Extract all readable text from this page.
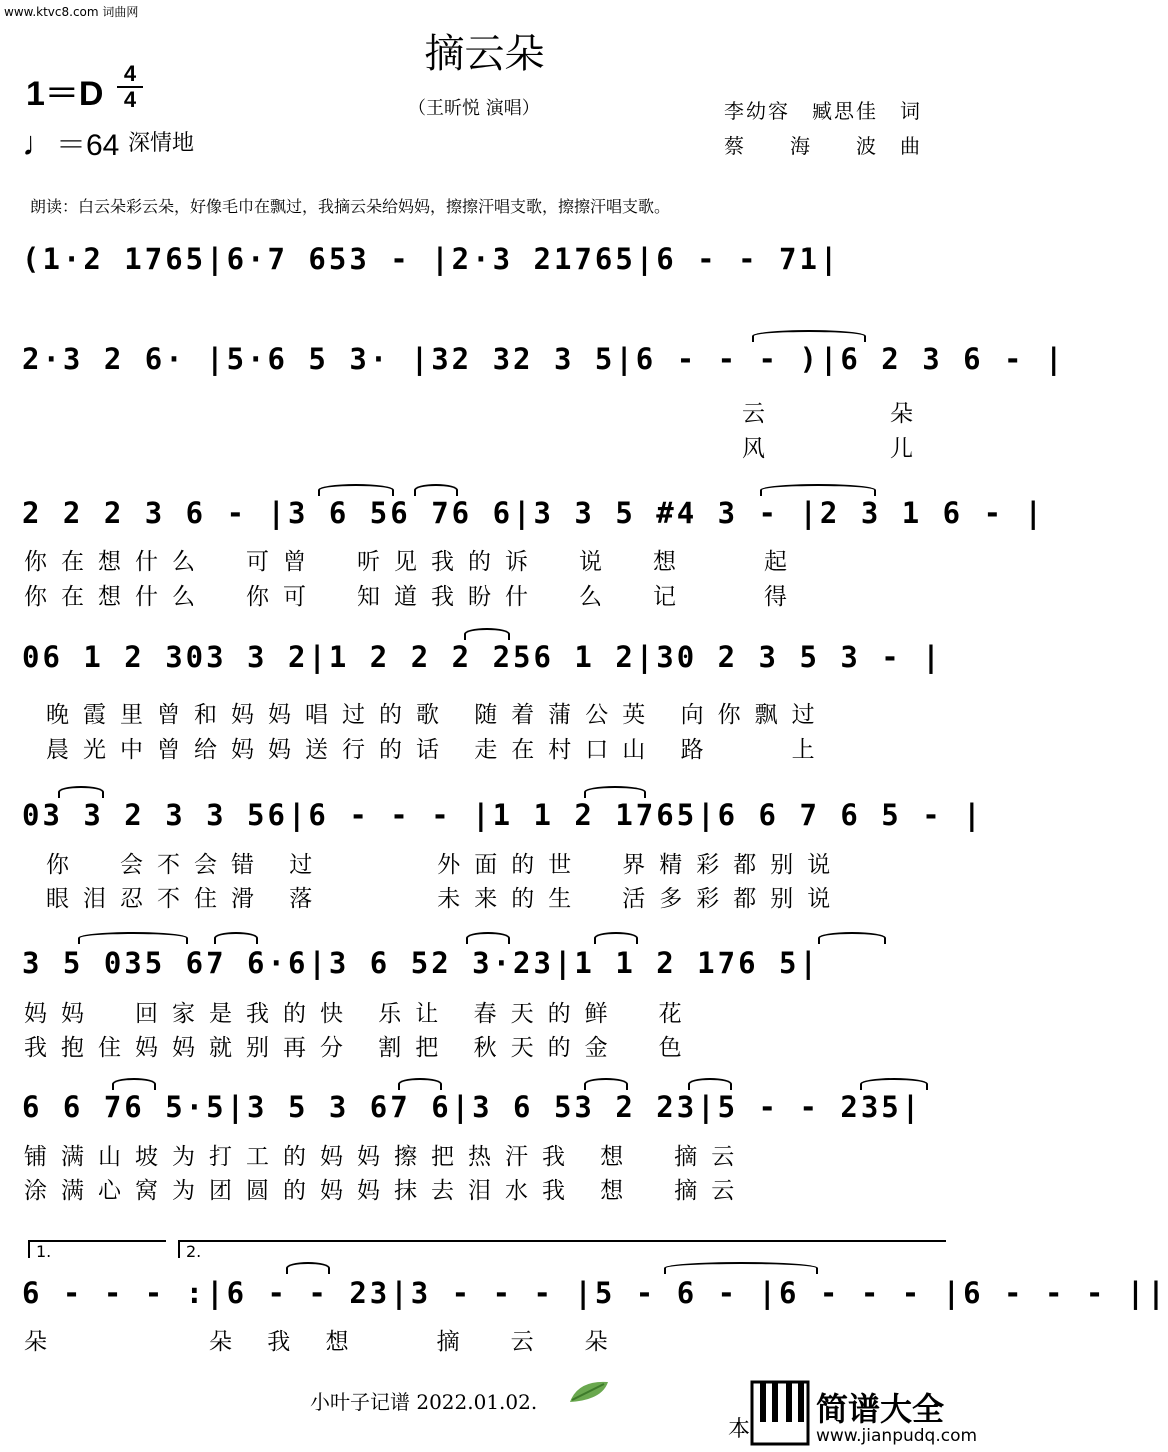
www.ktvc8.com 词曲网
摘云朵
1＝D
4
4
♩＝64 深情地
（王昕悦 演唱）	李幼容　臧思佳　词
蔡　　海　　波　曲
朗读：白云朵彩云朵，好像毛巾在飘过，我摘云朵给妈妈，擦擦汗唱支歌，擦擦汗唱支歌。
(1·2 1765|6·7 653 - |2·3 21765|6 - - 71|
2·3 2 6· |5·6 5 3· |32 32 3 5|6 - - - )|6 2 3 6 - |
云　　　朵
风　　　儿
2 2 2 3 6 - |3 6 56 76 6|3 3 5 #4 3 - |2 3 1 6 - |
你在想什么　可曾　听见我的诉　说　想　　起
你在想什么　你可　知道我盼什　么　记　　得
06 1 2 303 3 2|1 2 2 2 256 1 2|30 2 3 5 3 - |
晚霞里曾和妈妈唱过的歌 随着蒲公英 向你飘过
晨光中曾给妈妈送行的话 走在村口山 路　　上
03 3 2 3 3 56|6 - - - |1 1 2 1765|6 6 7 6 5 - |
你　会不会错 过　　　外面的世　界精彩都别说
眼泪忍不住滑 落　　　未来的生　活多彩都别说
3 5 035 67 6·6|3 6 52 3·23|1 1 2 176 5|
妈妈　回家是我的快 乐让 春天的鲜　花
我抱住妈妈就别再分 割把 秋天的金　色
6 6 76 5·5|3 5 3 67 6|3 6 53 2 23|5 - - 235|
铺满山坡为打工的妈妈擦把热汗我 想　摘云
涂满心窝为团圆的妈妈抹去泪水我 想　摘云
1.	2.
6 - - - :|6 - - 23|3 - - - |5 - 6 - |6 - - - |6 - - - ||
朵　　　　朵 我 想　　摘　云　朵
小叶子记谱 2022.01.02.
本
简谱大全
www.jianpudq.com
